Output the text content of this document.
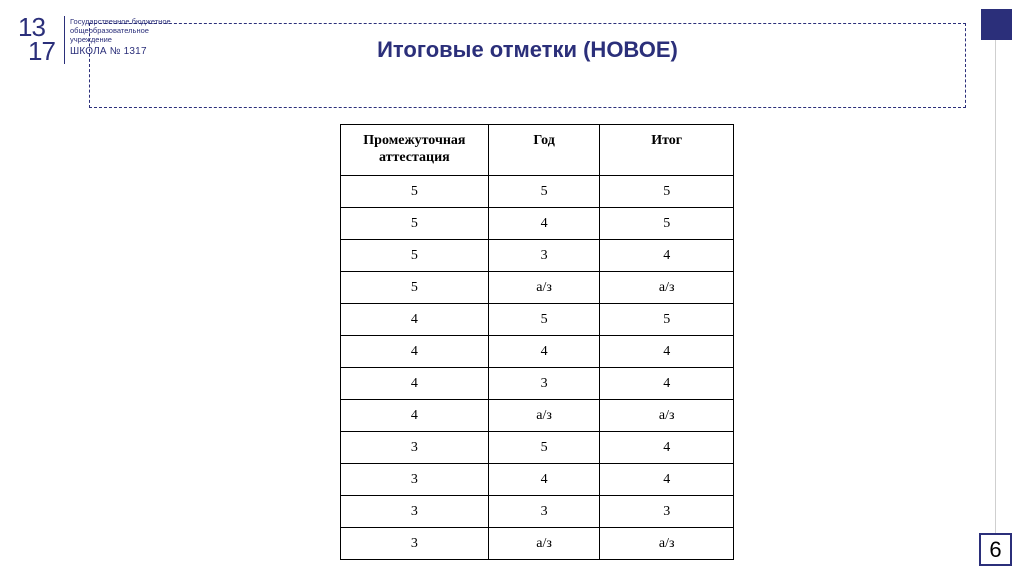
13
17
Государственное бюджетное
общеобразовательное
учреждение
ШКОЛА № 1317	Итоговые отметки (НОВОЕ)
Промежуточная аттестация	Год	Итог
5	5	5
5	4	5
5	3	4
5	а/з	а/з
4	5	5
4	4	4
4	3	4
4	а/з	а/з
3	5	4
3	4	4
3	3	3
3	а/з	а/з	6
